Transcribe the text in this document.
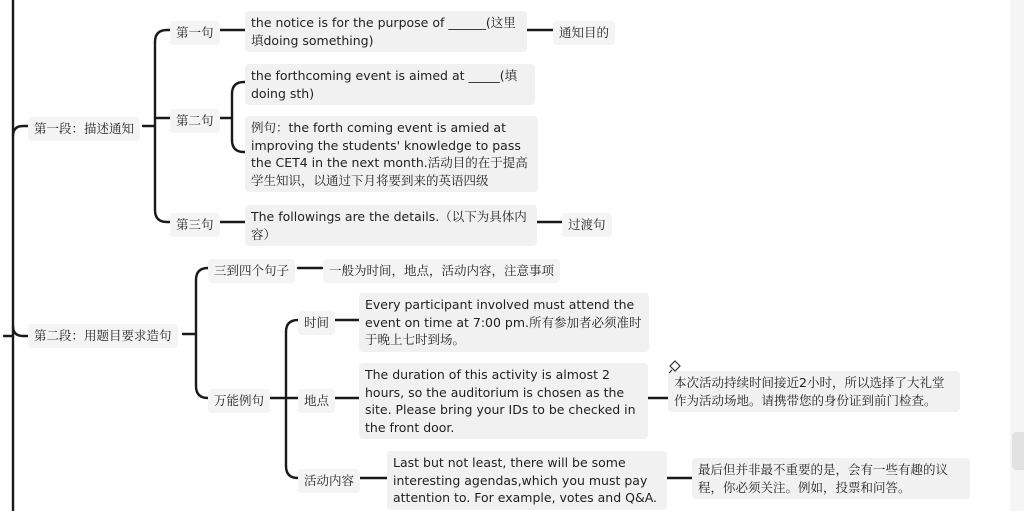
第一段：描述通知
第一句
the notice is for the purpose of ______(这里填doing something)	通知目的
第二句
the forthcoming event is aimed at _____(填 doing sth)
例句：the forth coming event is amied at improving the students' knowledge to pass the CET4 in the next month.活动目的在于提高学生知识，以通过下月将要到来的英语四级
第三句
The followings are the details.（以下为具体内容）
过渡句
第二段：用题目要求造句
三到四个句子	一般为时间，地点，活动内容，注意事项
万能例句
时间
Every participant involved must attend the event on time at 7:00 pm.所有参加者必须准时于晚上七时到场。
地点
The duration of this activity is almost 2 hours, so the auditorium is chosen as the site. Please bring your IDs to be checked in the front door.
本次活动持续时间接近2小时，所以选择了大礼堂作为活动场地。请携带您的身份证到前门检查。
活动内容
Last but not least, there will be some interesting agendas,which you must pay attention to. For example, votes and Q&A.
最后但并非最不重要的是，会有一些有趣的议程，你必须关注。例如，投票和问答。
